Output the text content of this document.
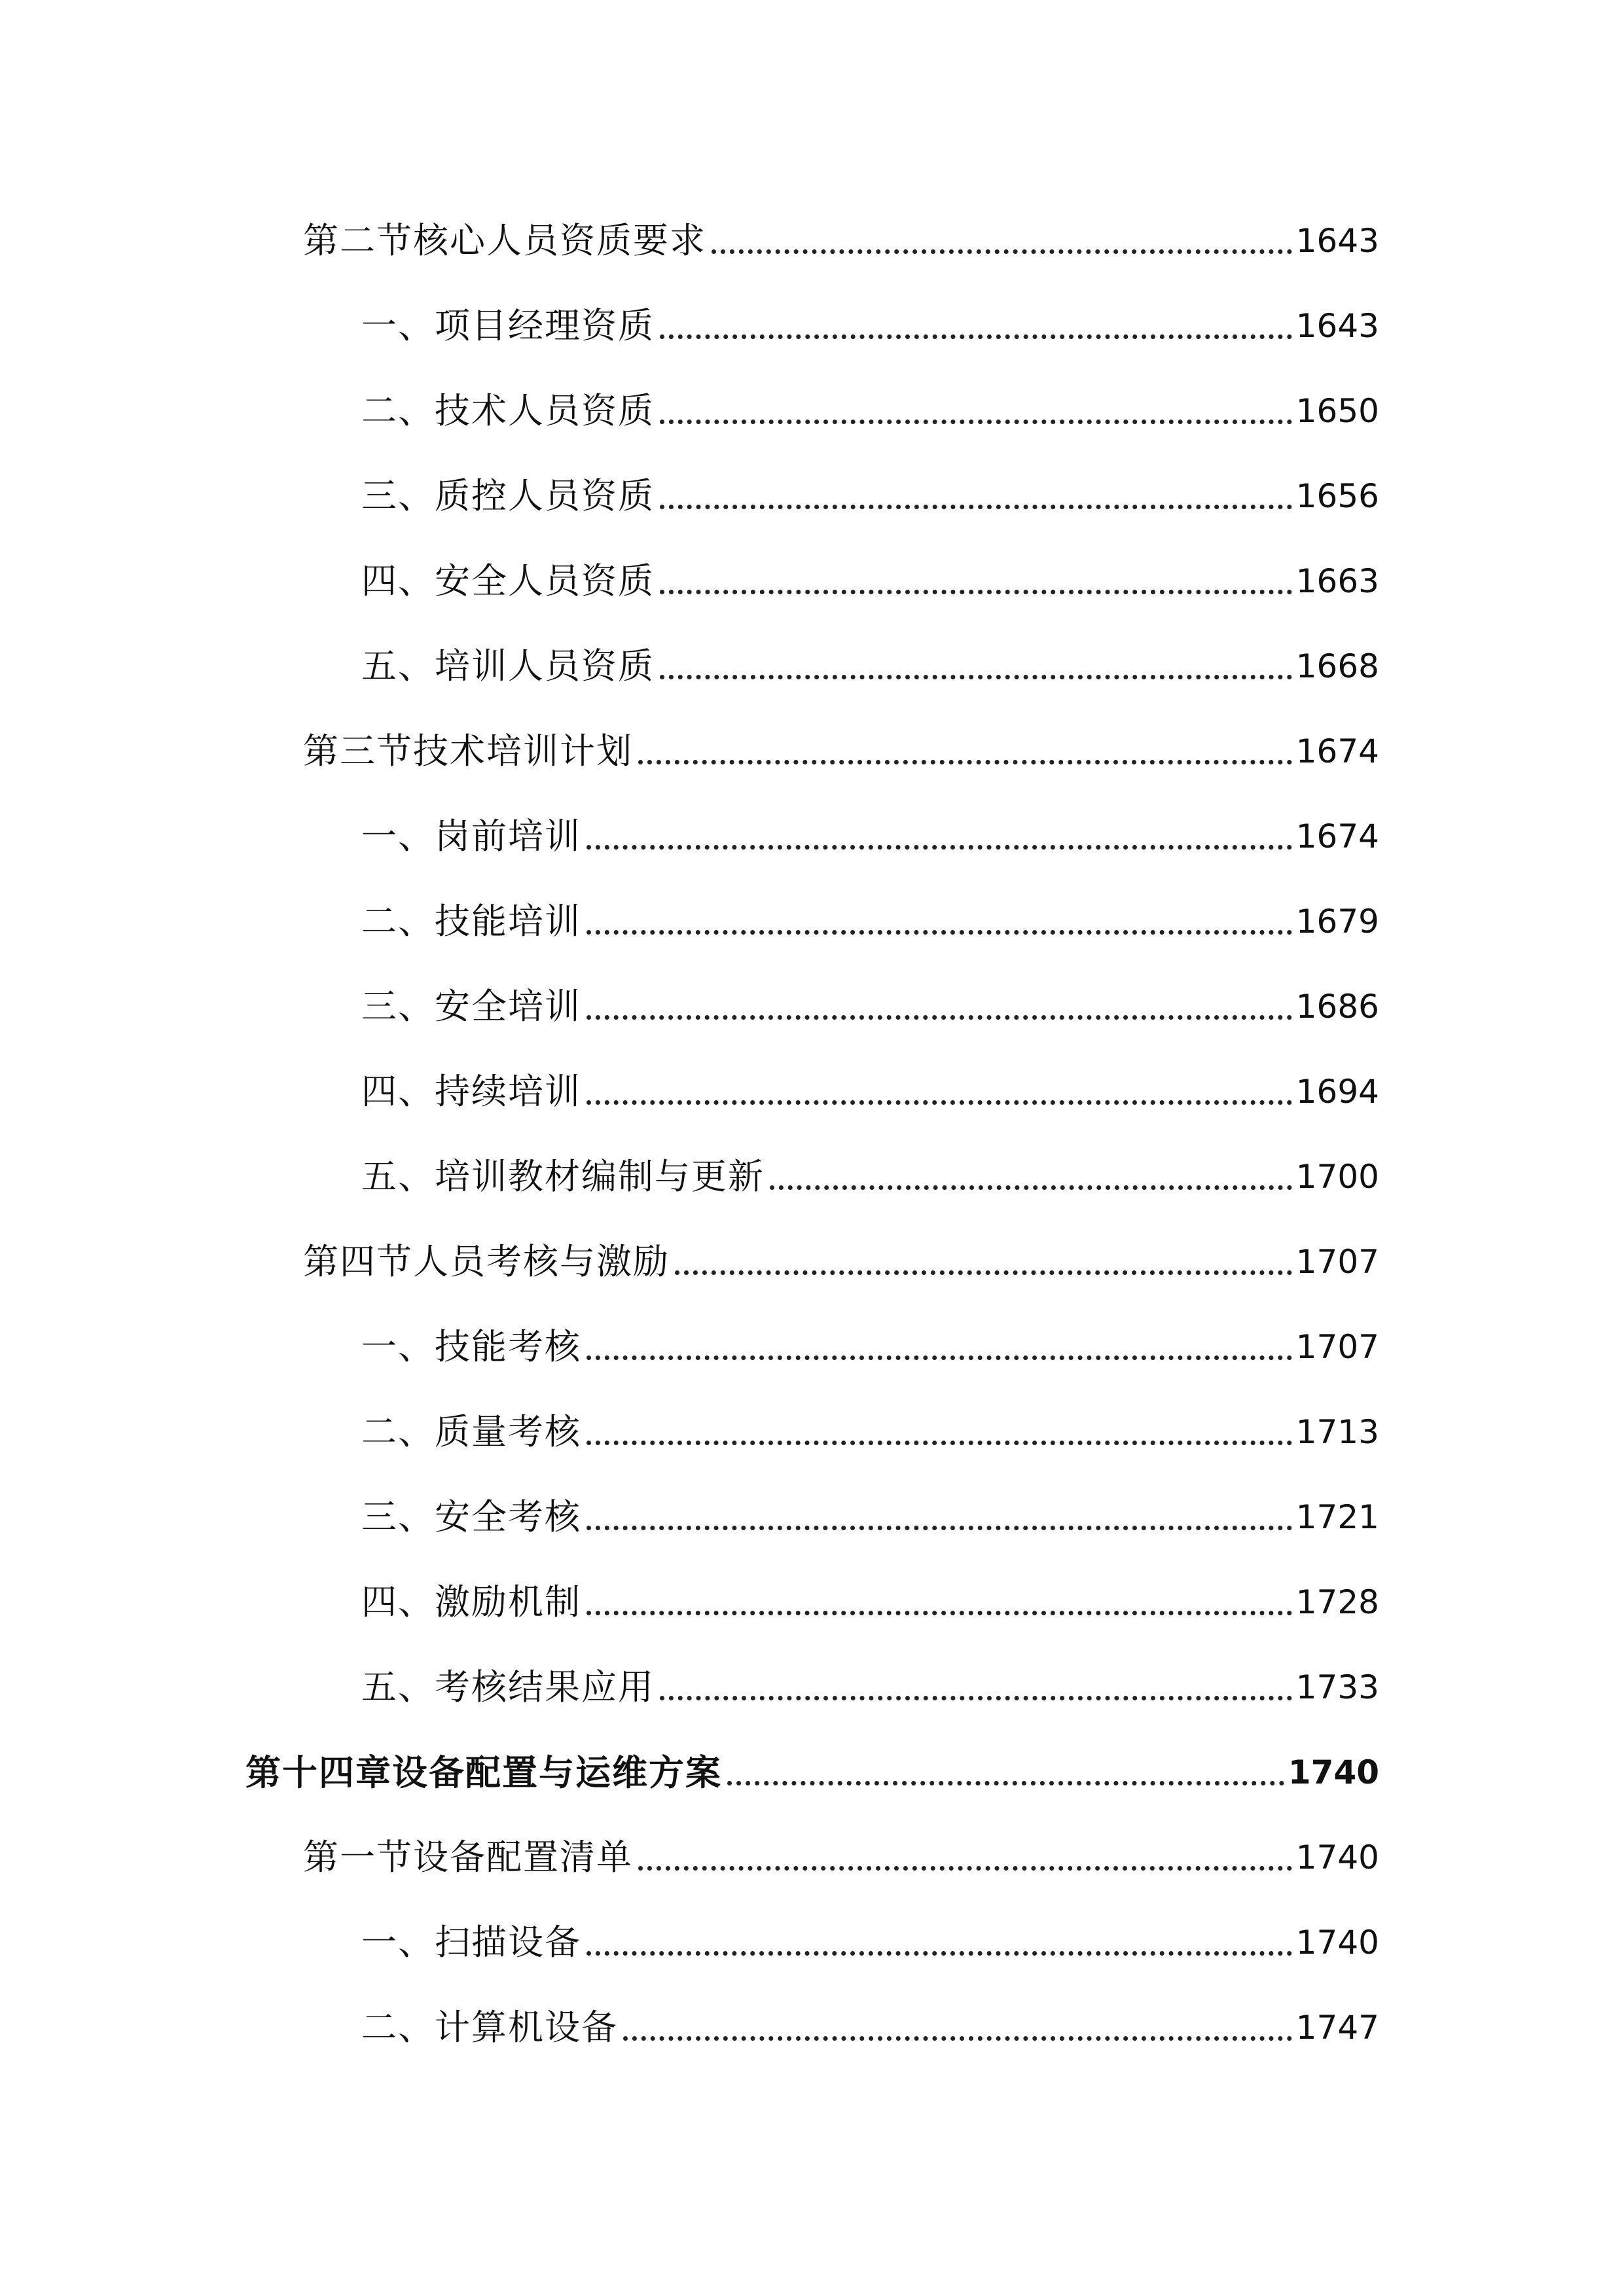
第二节核心人员资质要求	1643
一、项目经理资质	1643
二、技术人员资质	1650
三、质控人员资质	1656
四、安全人员资质	1663
五、培训人员资质	1668
第三节技术培训计划	1674
一、岗前培训	1674
二、技能培训	1679
三、安全培训	1686
四、持续培训	1694
五、培训教材编制与更新	1700
第四节人员考核与激励	1707
一、技能考核	1707
二、质量考核	1713
三、安全考核	1721
四、激励机制	1728
五、考核结果应用	1733
第十四章设备配置与运维方案	1740
第一节设备配置清单	1740
一、扫描设备	1740
二、计算机设备	1747
